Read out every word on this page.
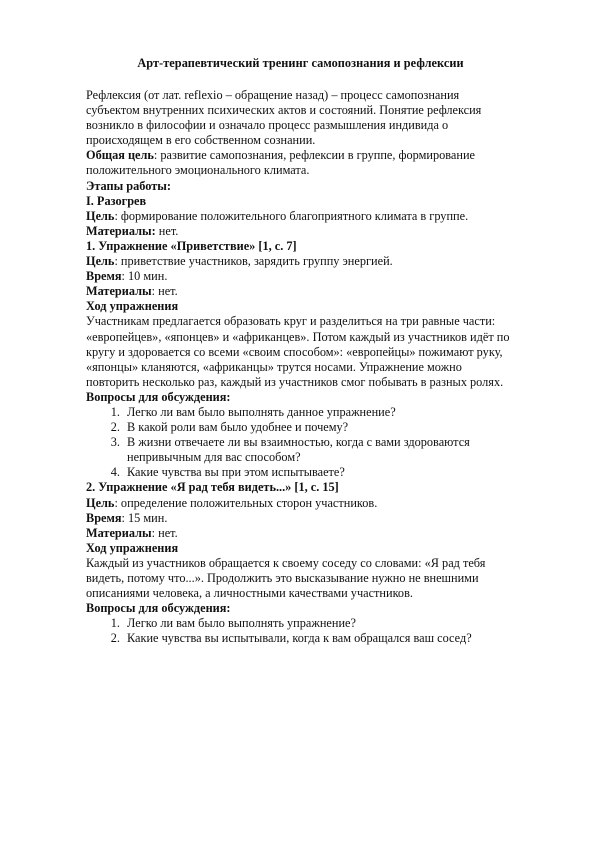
Арт-терапевтический тренинг самопознания и рефлексии

Рефлексия (от лат. reflexio – обращение назад) – процесс самопознания субъектом внутренних психических актов и состояний. Понятие рефлексия возникло в философии и означало процесс размышления индивида о происходящем в его собственном сознании.

Общая цель: развитие самопознания, рефлексии в группе, формирование положительного эмоционального климата.

Этапы работы:

I. Разогрев

Цель: формирование положительного благоприятного климата в группе.

Материалы: нет.

1. Упражнение «Приветствие» [1, с. 7]

Цель: приветствие участников, зарядить группу энергией.

Время: 10 мин.

Материалы: нет.

Ход упражнения

Участникам предлагается образовать круг и разделиться на три равные части: «европейцев», «японцев» и «африканцев». Потом каждый из участников идёт по кругу и здоровается со всеми «своим способом»: «европейцы» пожимают руку, «японцы» кланяются, «африканцы» трутся носами. Упражнение можно повторить несколько раз, каждый из участников смог побывать в разных ролях.

Вопросы для обсуждения:

1. Легко ли вам было выполнять данное упражнение?
2. В какой роли вам было удобнее и почему?
3. В жизни отвечаете ли вы взаимностью, когда с вами здороваются непривычным для вас способом?
4. Какие чувства вы при этом испытываете?

2. Упражнение «Я рад тебя видеть...» [1, с. 15]

Цель: определение положительных сторон участников.

Время: 15 мин.

Материалы: нет.

Ход упражнения

Каждый из участников обращается к своему соседу со словами: «Я рад тебя видеть, потому что...». Продолжить это высказывание нужно не внешними описаниями человека, а личностными качествами участников.

Вопросы для обсуждения:

1. Легко ли вам было выполнять упражнение?
2. Какие чувства вы испытывали, когда к вам обращался ваш сосед?
